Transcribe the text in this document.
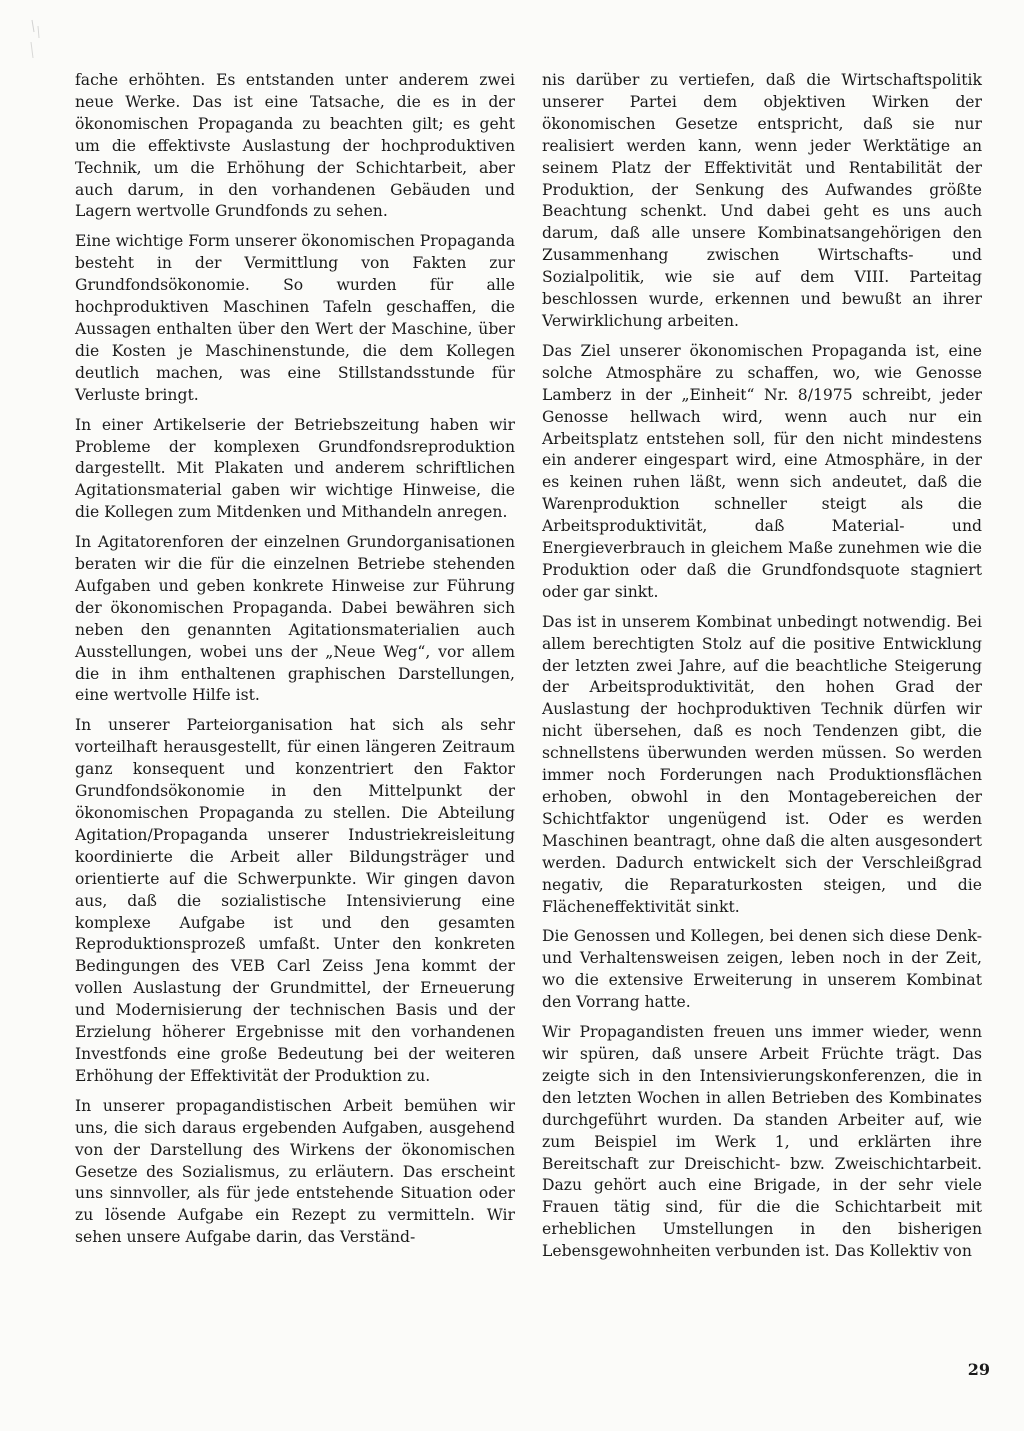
fache erhöhten. Es entstanden unter anderem zwei neue Werke. Das ist eine Tatsache, die es in der ökonomischen Propaganda zu beachten gilt; es geht um die effektivste Auslastung der hochproduktiven Technik, um die Erhöhung der Schichtarbeit, aber auch darum, in den vorhandenen Gebäuden und Lagern wertvolle Grundfonds zu sehen.

Eine wichtige Form unserer ökonomischen Propaganda besteht in der Vermittlung von Fakten zur Grundfondsökonomie. So wurden für alle hochproduktiven Maschinen Tafeln geschaffen, die Aussagen enthalten über den Wert der Maschine, über die Kosten je Maschinenstunde, die dem Kollegen deutlich machen, was eine Stillstandsstunde für Verluste bringt.

In einer Artikelserie der Betriebszeitung haben wir Probleme der komplexen Grundfondsreproduktion dargestellt. Mit Plakaten und anderem schriftlichen Agitationsmaterial gaben wir wichtige Hinweise, die die Kollegen zum Mitdenken und Mithandeln anregen.

In Agitatorenforen der einzelnen Grundorganisationen beraten wir die für die einzelnen Betriebe stehenden Aufgaben und geben konkrete Hinweise zur Führung der ökonomischen Propaganda. Dabei bewähren sich neben den genannten Agitationsmaterialien auch Ausstellungen, wobei uns der „Neue Weg“, vor allem die in ihm enthaltenen graphischen Darstellungen, eine wertvolle Hilfe ist.

In unserer Parteiorganisation hat sich als sehr vorteilhaft herausgestellt, für einen längeren Zeitraum ganz konsequent und konzentriert den Faktor Grundfondsökonomie in den Mittelpunkt der ökonomischen Propaganda zu stellen. Die Abteilung Agitation/Propaganda unserer Industriekreisleitung koordinierte die Arbeit aller Bildungsträger und orientierte auf die Schwerpunkte. Wir gingen davon aus, daß die sozialistische Intensivierung eine komplexe Aufgabe ist und den gesamten Reproduktionsprozeß umfaßt. Unter den konkreten Bedingungen des VEB Carl Zeiss Jena kommt der vollen Auslastung der Grundmittel, der Erneuerung und Modernisierung der technischen Basis und der Erzielung höherer Ergebnisse mit den vorhandenen Investfonds eine große Bedeutung bei der weiteren Erhöhung der Effektivität der Produktion zu.

In unserer propagandistischen Arbeit bemühen wir uns, die sich daraus ergebenden Aufgaben, ausgehend von der Darstellung des Wirkens der ökonomischen Gesetze des Sozialismus, zu erläutern. Das erscheint uns sinnvoller, als für jede entstehende Situation oder zu lösende Aufgabe ein Rezept zu vermitteln. Wir sehen unsere Aufgabe darin, das Verständ-

nis darüber zu vertiefen, daß die Wirtschaftspolitik unserer Partei dem objektiven Wirken der ökonomischen Gesetze entspricht, daß sie nur realisiert werden kann, wenn jeder Werktätige an seinem Platz der Effektivität und Rentabilität der Produktion, der Senkung des Aufwandes größte Beachtung schenkt. Und dabei geht es uns auch darum, daß alle unsere Kombinatsangehörigen den Zusammenhang zwischen Wirtschafts- und Sozialpolitik, wie sie auf dem VIII. Parteitag beschlossen wurde, erkennen und bewußt an ihrer Verwirklichung arbeiten.

Das Ziel unserer ökonomischen Propaganda ist, eine solche Atmosphäre zu schaffen, wo, wie Genosse Lamberz in der „Einheit“ Nr. 8/1975 schreibt, jeder Genosse hellwach wird, wenn auch nur ein Arbeitsplatz entstehen soll, für den nicht mindestens ein anderer eingespart wird, eine Atmosphäre, in der es keinen ruhen läßt, wenn sich andeutet, daß die Warenproduktion schneller steigt als die Arbeitsproduktivität, daß Material- und Energieverbrauch in gleichem Maße zunehmen wie die Produktion oder daß die Grundfondsquote stagniert oder gar sinkt.

Das ist in unserem Kombinat unbedingt notwendig. Bei allem berechtigten Stolz auf die positive Entwicklung der letzten zwei Jahre, auf die beachtliche Steigerung der Arbeitsproduktivität, den hohen Grad der Auslastung der hochproduktiven Technik dürfen wir nicht übersehen, daß es noch Tendenzen gibt, die schnellstens überwunden werden müssen. So werden immer noch Forderungen nach Produktionsflächen erhoben, obwohl in den Montagebereichen der Schichtfaktor ungenügend ist. Oder es werden Maschinen beantragt, ohne daß die alten ausgesondert werden. Dadurch entwickelt sich der Verschleißgrad negativ, die Reparaturkosten steigen, und die Flächeneffektivität sinkt.

Die Genossen und Kollegen, bei denen sich diese Denk- und Verhaltensweisen zeigen, leben noch in der Zeit, wo die extensive Erweiterung in unserem Kombinat den Vorrang hatte.

Wir Propagandisten freuen uns immer wieder, wenn wir spüren, daß unsere Arbeit Früchte trägt. Das zeigte sich in den Intensivierungskonferenzen, die in den letzten Wochen in allen Betrieben des Kombinates durchgeführt wurden. Da standen Arbeiter auf, wie zum Beispiel im Werk 1, und erklärten ihre Bereitschaft zur Dreischicht- bzw. Zweischichtarbeit. Dazu gehört auch eine Brigade, in der sehr viele Frauen tätig sind, für die die Schichtarbeit mit erheblichen Umstellungen in den bisherigen Lebensgewohnheiten verbunden ist. Das Kollektiv von

29
